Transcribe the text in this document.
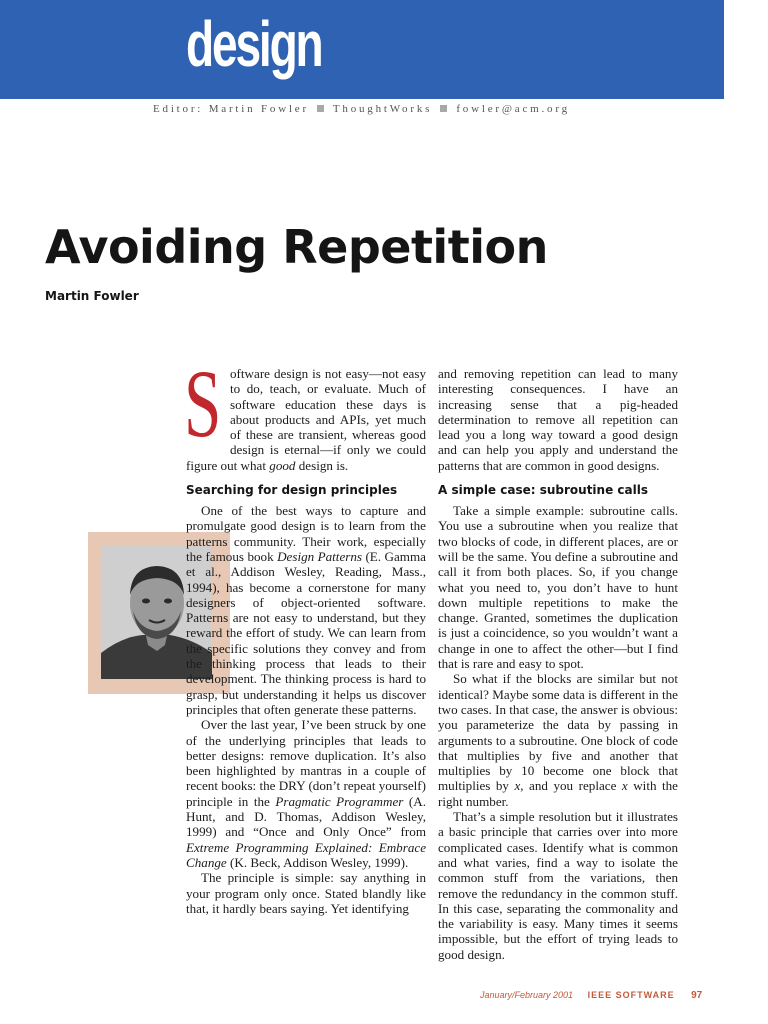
design
Editor: Martin Fowler ThoughtWorks fowler@acm.org
Avoiding Repetition
Martin Fowler

Software design is not easy—not easy to do, teach, or evaluate. Much of software education these days is about products and APIs, yet much of these are transient, whereas good design is eternal—if only we could figure out what good design is.

Searching for design principles

One of the best ways to capture and promulgate good design is to learn from the patterns community. Their work, especially the famous book Design Patterns (E. Gamma et al., Addison Wesley, Reading, Mass., 1994), has become a cornerstone for many designers of object-oriented software. Patterns are not easy to understand, but they reward the effort of study. We can learn from the specific solutions they convey and from the thinking process that leads to their development. The thinking process is hard to grasp, but understanding it helps us discover principles that often generate these patterns.

Over the last year, I’ve been struck by one of the underlying principles that leads to better designs: remove duplication. It’s also been highlighted by mantras in a couple of recent books: the DRY (don’t repeat yourself) principle in the Pragmatic Programmer (A. Hunt, and D. Thomas, Addison Wesley, 1999) and “Once and Only Once” from Extreme Programming Explained: Embrace Change (K. Beck, Addison Wesley, 1999).

The principle is simple: say anything in your program only once. Stated blandly like that, it hardly bears saying. Yet identifying

and removing repetition can lead to many interesting consequences. I have an increasing sense that a pig-headed determination to remove all repetition can lead you a long way toward a good design and can help you apply and understand the patterns that are common in good designs.

A simple case: subroutine calls

Take a simple example: subroutine calls. You use a subroutine when you realize that two blocks of code, in different places, are or will be the same. You define a subroutine and call it from both places. So, if you change what you need to, you don’t have to hunt down multiple repetitions to make the change. Granted, sometimes the duplication is just a coincidence, so you wouldn’t want a change in one to affect the other—but I find that is rare and easy to spot.

So what if the blocks are similar but not identical? Maybe some data is different in the two cases. In that case, the answer is obvious: you parameterize the data by passing in arguments to a subroutine. One block of code that multiplies by five and another that multiplies by 10 become one block that multiplies by x, and you replace x with the right number.

That’s a simple resolution but it illustrates a basic principle that carries over into more complicated cases. Identify what is common and what varies, find a way to isolate the common stuff from the variations, then remove the redundancy in the common stuff. In this case, separating the commonality and the variability is easy. Many times it seems impossible, but the effort of trying leads to good design.

January/February 2001 IEEE SOFTWARE 97
